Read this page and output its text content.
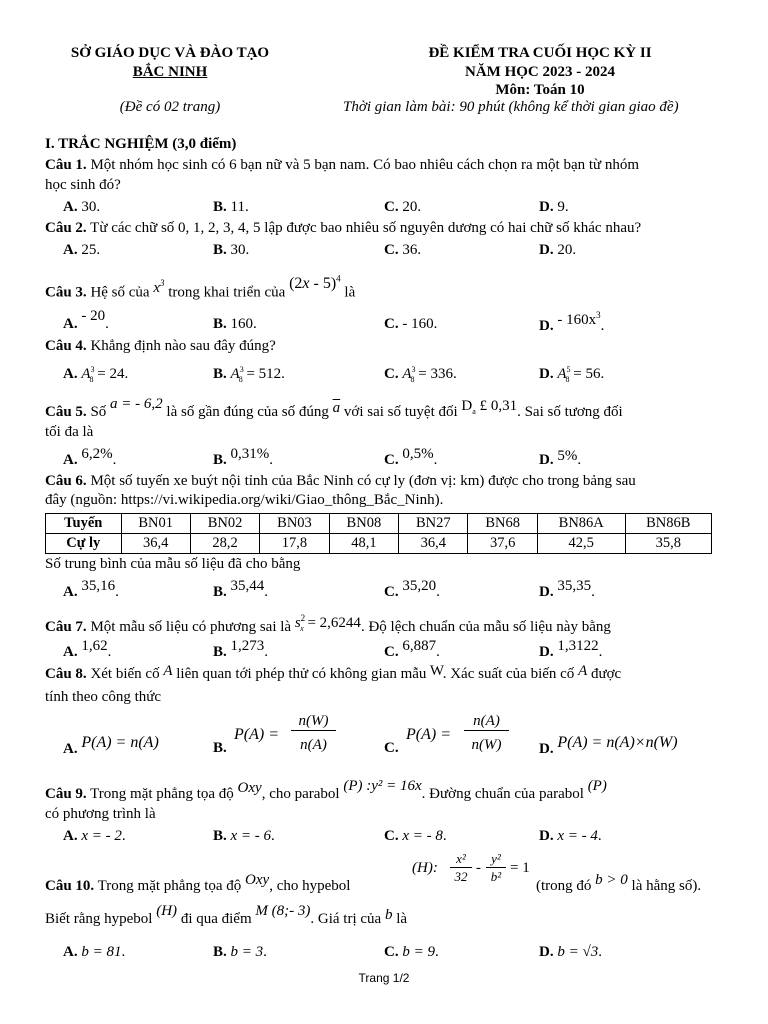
SỞ GIÁO DỤC VÀ ĐÀO TẠO
BẮC NINH
(Đề có 02 trang)
ĐỀ KIỂM TRA CUỐI HỌC KỲ II
NĂM HỌC 2023 - 2024
Môn: Toán 10
Thời gian làm bài: 90 phút (không kể thời gian giao đề)
I. TRẮC NGHIỆM (3,0 điểm)
Câu 1. Một nhóm học sinh có 6 bạn nữ và 5 bạn nam. Có bao nhiêu cách chọn ra một bạn từ nhóm
học sinh đó?
A. 30.	B. 11.	C. 20.	D. 9.
Câu 2. Từ các chữ số 0, 1, 2, 3, 4, 5 lập được bao nhiêu số nguyên dương có hai chữ số khác nhau?
A. 25.	B. 30.	C. 36.	D. 20.
Câu 3. Hệ số của $x^3$ trong khai triển của (2x - 5)$^4$ là
A. - 20.	B. 160.	C. - 160.	D. - $160x^3$.
Câu 4. Khẳng định nào sau đây đúng?
A. $A^3_8 = 24$.	B. $A^3_8 = 512$.	C. $A^3_8 = 336$.	D. $A^5_8 = 56$.
Câu 5. Số a = - 6,2 là số gần đúng của số đúng $\overline{a}$ với sai số tuyệt đối $D_a$ £ 0,31. Sai số tương đối
tối đa là
A. 6,2%.	B. 0,31%.	C. 0,5%.	D. 5%.
Câu 6. Một số tuyến xe buýt nội tỉnh của Bắc Ninh có cự ly (đơn vị: km) được cho trong bảng sau
đây (nguồn: https://vi.wikipedia.org/wiki/Giao_thông_Bắc_Ninh).
Tuyến	BN01	BN02	BN03	BN08	BN27	BN68	BN86A	BN86B
Cự ly	36,4	28,2	17,8	48,1	36,4	37,6	42,5	35,8
Số trung bình của mẫu số liệu đã cho bằng
A. 35,16.	B. 35,44.	C. 35,20.	D. 35,35.
Câu 7. Một mẫu số liệu có phương sai là $s^2_x = 2,6244$. Độ lệch chuẩn của mẫu số liệu này bằng
A. 1,62.	B. 1,273.	C. 6,887.	D. 1,3122.
Câu 8. Xét biến cố A liên quan tới phép thử có không gian mẫu W. Xác suất của biến cố A được
tính theo công thức
A. P(A) = n(A)	B.
P(A) =
n(W)
n(A)	C.
P(A) =
n(A)
n(W)	D. P(A) = n(A)×n(W)
Câu 9. Trong mặt phẳng tọa độ Oxy, cho parabol (P) :y² = 16x. Đường chuẩn của parabol (P)
có phương trình là
A. x = - 2.	B. x = - 6.	C. x = - 8.	D. x = - 4.
Câu 10. Trong mặt phẳng tọa độ Oxy, cho hypebol
(H):
x²
32
-
y²
b²
= 1
(trong đó b > 0 là hằng số).
Biết rằng hypebol (H) đi qua điểm M (8;- 3). Giá trị của b là
A. b = 81.	B. b = 3.	C. b = 9.	D. b = √3.
Trang 1/2
